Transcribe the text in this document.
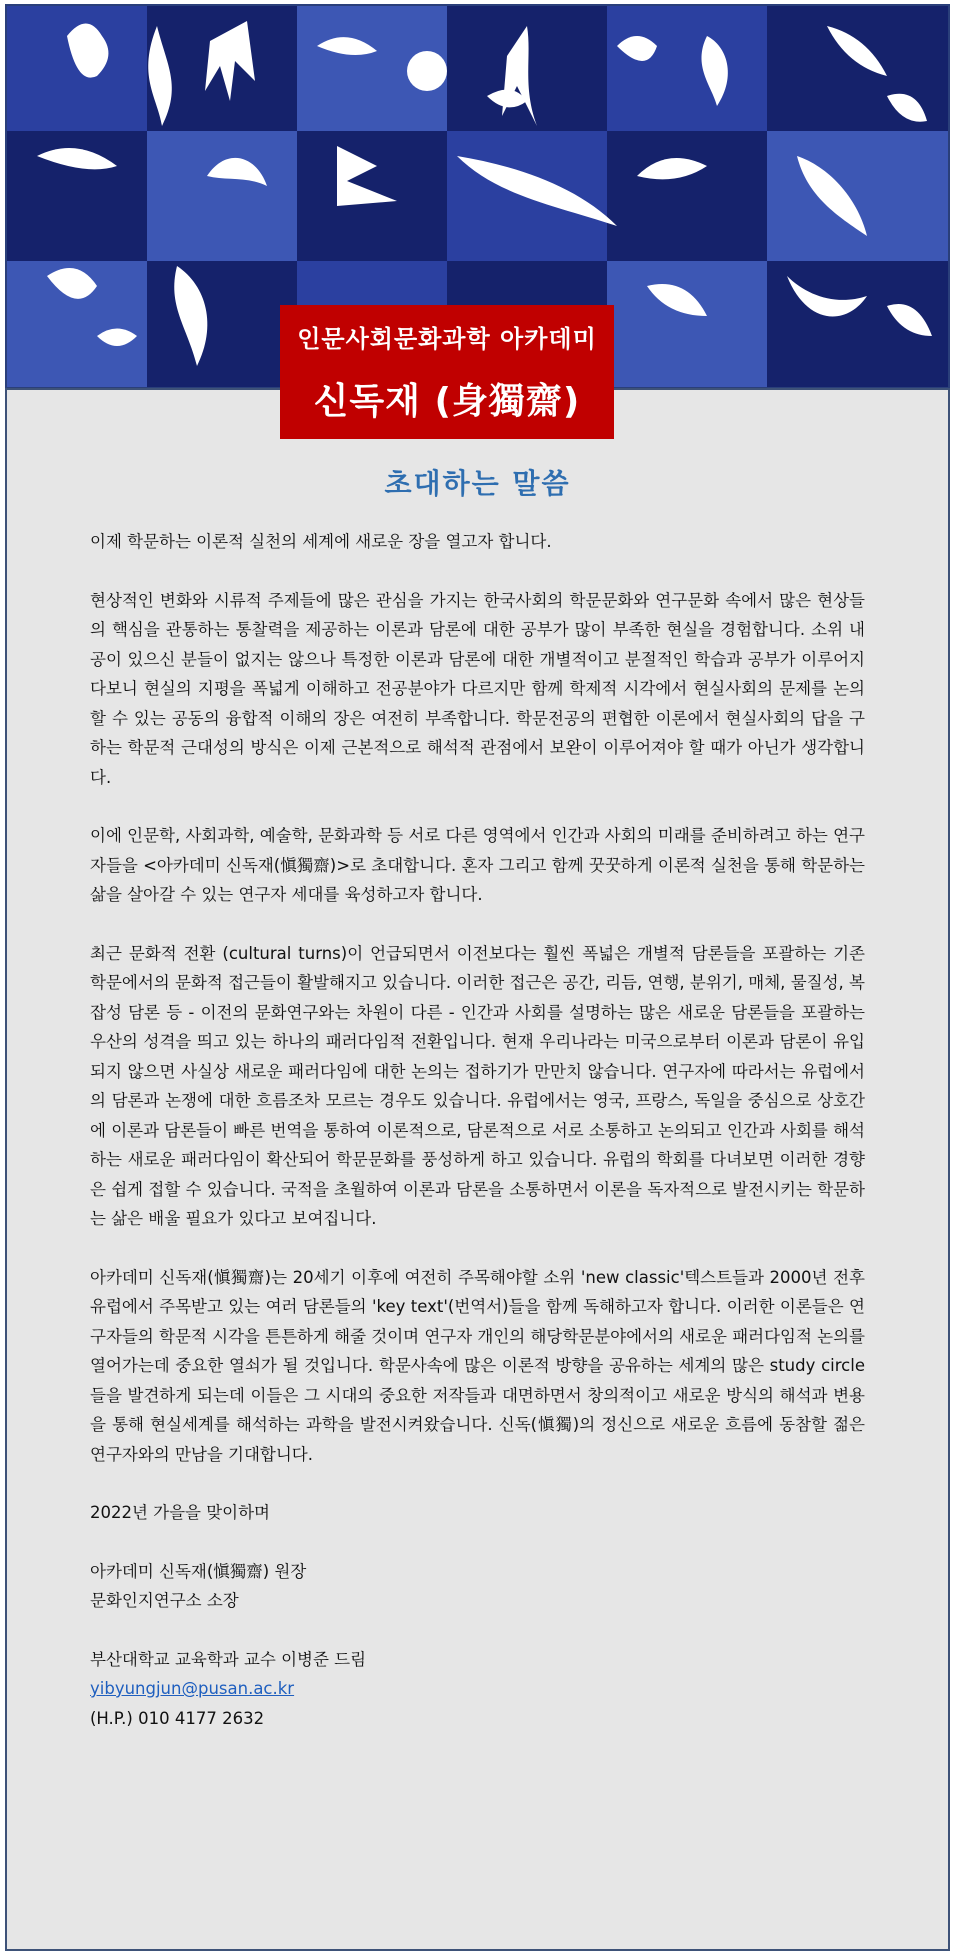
인문사회문화과학 아카데미
신독재 (身獨齋)
초대하는 말씀

이제 학문하는 이론적 실천의 세계에 새로운 장을 열고자 합니다.

현상적인 변화와 시류적 주제들에 많은 관심을 가지는 한국사회의 학문문화와 연구문화 속에서 많은 현상들의 핵심을 관통하는 통찰력을 제공하는 이론과 담론에 대한 공부가 많이 부족한 현실을 경험합니다. 소위 내공이 있으신 분들이 없지는 않으나 특정한 이론과 담론에 대한 개별적이고 분절적인 학습과 공부가 이루어지다보니 현실의 지평을 폭넓게 이해하고 전공분야가 다르지만 함께 학제적 시각에서 현실사회의 문제를 논의할 수 있는 공동의 융합적 이해의 장은 여전히 부족합니다. 학문전공의 편협한 이론에서 현실사회의 답을 구하는 학문적 근대성의 방식은 이제 근본적으로 해석적 관점에서 보완이 이루어져야 할 때가 아닌가 생각합니다.

이에 인문학, 사회과학, 예술학, 문화과학 등 서로 다른 영역에서 인간과 사회의 미래를 준비하려고 하는 연구자들을 <아카데미 신독재(愼獨齋)>로 초대합니다. 혼자 그리고 함께 꿋꿋하게 이론적 실천을 통해 학문하는 삶을 살아갈 수 있는 연구자 세대를 육성하고자 합니다.

최근 문화적 전환 (cultural turns)이 언급되면서 이전보다는 훨씬 폭넓은 개별적 담론들을 포괄하는 기존 학문에서의 문화적 접근들이 활발해지고 있습니다. 이러한 접근은 공간, 리듬, 연행, 분위기, 매체, 물질성, 복잡성 담론 등 - 이전의 문화연구와는 차원이 다른 - 인간과 사회를 설명하는 많은 새로운 담론들을 포괄하는 우산의 성격을 띄고 있는 하나의 패러다임적 전환입니다. 현재 우리나라는 미국으로부터 이론과 담론이 유입되지 않으면 사실상 새로운 패러다임에 대한 논의는 접하기가 만만치 않습니다. 연구자에 따라서는 유럽에서의 담론과 논쟁에 대한 흐름조차 모르는 경우도 있습니다. 유럽에서는 영국, 프랑스, 독일을 중심으로 상호간에 이론과 담론들이 빠른 번역을 통하여 이론적으로, 담론적으로 서로 소통하고 논의되고 인간과 사회를 해석하는 새로운 패러다임이 확산되어 학문문화를 풍성하게 하고 있습니다. 유럽의 학회를 다녀보면 이러한 경향은 쉽게 접할 수 있습니다. 국적을 초월하여 이론과 담론을 소통하면서 이론을 독자적으로 발전시키는 학문하는 삶은 배울 필요가 있다고 보여집니다.

아카데미 신독재(愼獨齋)는 20세기 이후에 여전히 주목해야할 소위 'new classic'텍스트들과 2000년 전후 유럽에서 주목받고 있는 여러 담론들의 'key text'(번역서)들을 함께 독해하고자 합니다. 이러한 이론들은 연구자들의 학문적 시각을 튼튼하게 해줄 것이며 연구자 개인의 해당학문분야에서의 새로운 패러다임적 논의를 열어가는데 중요한 열쇠가 될 것입니다. 학문사속에 많은 이론적 방향을 공유하는 세계의 많은 study circle들을 발견하게 되는데 이들은 그 시대의 중요한 저작들과 대면하면서 창의적이고 새로운 방식의 해석과 변용을 통해 현실세계를 해석하는 과학을 발전시켜왔습니다. 신독(愼獨)의 정신으로 새로운 흐름에 동참할 젊은 연구자와의 만남을 기대합니다.

2022년 가을을 맞이하며

아카데미 신독재(愼獨齋) 원장

문화인지연구소 소장

부산대학교 교육학과 교수 이병준 드림

yibyungjun@pusan.ac.kr

(H.P.) 010 4177 2632
